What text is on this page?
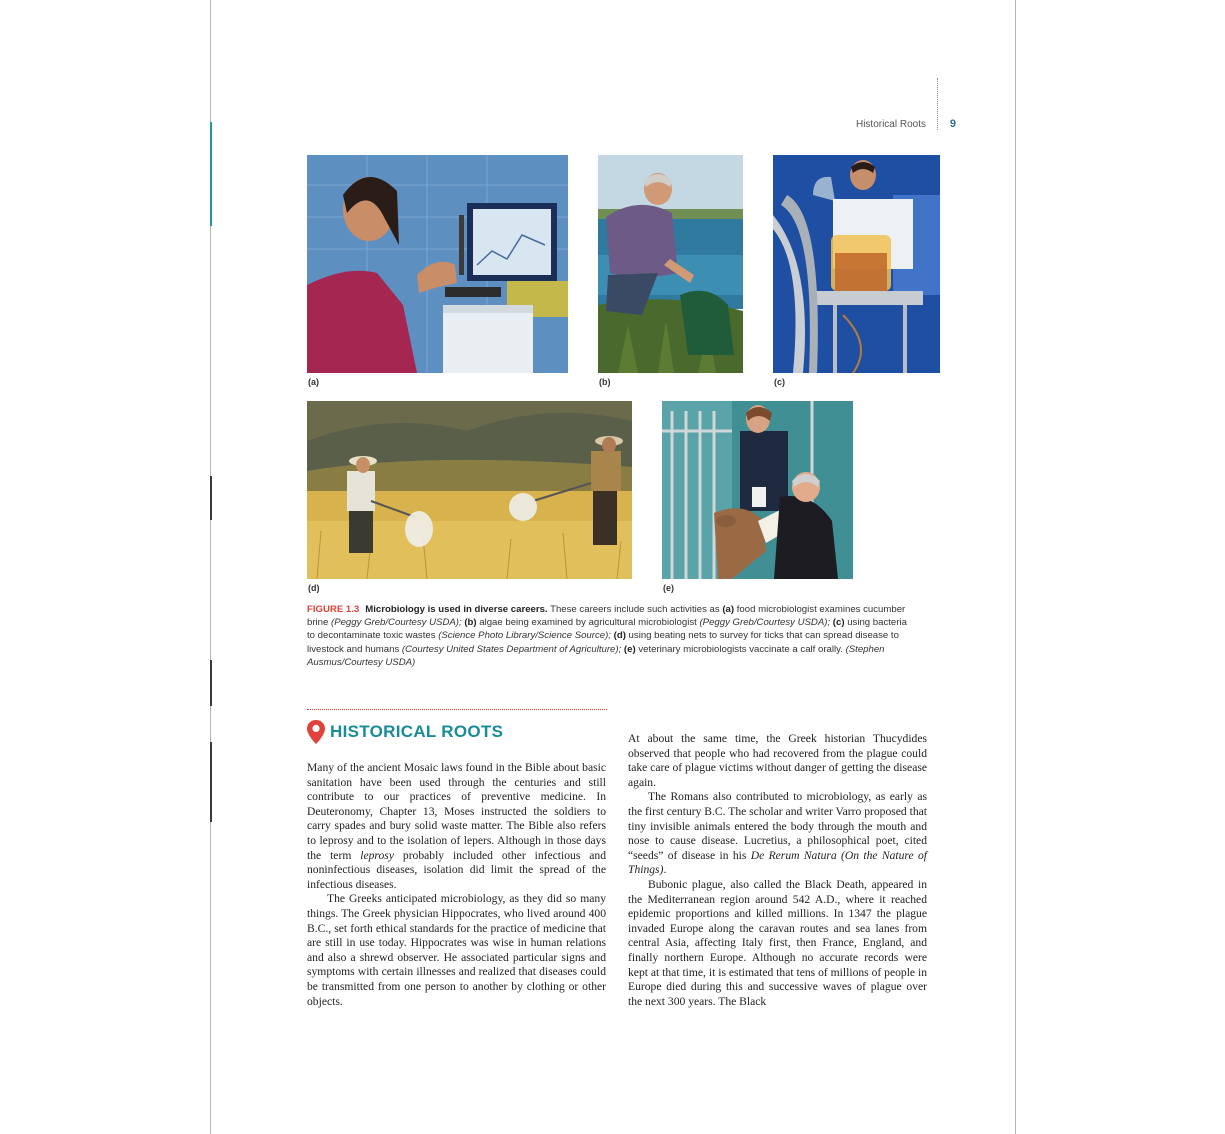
Historical Roots 9
(a)	(b)	(c)
(d)	(e)
FIGURE 1.3 Microbiology is used in diverse careers. These careers include such activities as (a) food microbiologist examines cucumber brine (Peggy Greb/Courtesy USDA); (b) algae being examined by agricultural microbiologist (Peggy Greb/Courtesy USDA); (c) using bacteria to decontaminate toxic wastes (Science Photo Library/Science Source); (d) using beating nets to survey for ticks that can spread disease to livestock and humans (Courtesy United States Department of Agriculture); (e) veterinary microbiologists vaccinate a calf orally. (Stephen Ausmus/Courtesy USDA)
HISTORICAL ROOTS

Many of the ancient Mosaic laws found in the Bible about basic sanitation have been used through the centuries and still contribute to our practices of preventive medicine. In Deuteronomy, Chapter 13, Moses instructed the soldiers to carry spades and bury solid waste matter. The Bible also refers to leprosy and to the isolation of lepers. Although in those days the term leprosy probably included other infectious and noninfectious diseases, isolation did limit the spread of the infectious diseases.

The Greeks anticipated microbiology, as they did so many things. The Greek physician Hippocrates, who lived around 400 B.C., set forth ethical standards for the practice of medicine that are still in use today. Hippocrates was wise in human relations and also a shrewd observer. He associated particular signs and symptoms with certain illnesses and realized that diseases could be transmitted from one person to another by clothing or other objects.

At about the same time, the Greek historian Thucydides observed that people who had recovered from the plague could take care of plague victims without danger of getting the disease again.

The Romans also contributed to microbiology, as early as the first century B.C. The scholar and writer Varro proposed that tiny invisible animals entered the body through the mouth and nose to cause disease. Lucretius, a philosophical poet, cited “seeds” of disease in his De Rerum Natura (On the Nature of Things).

Bubonic plague, also called the Black Death, appeared in the Mediterranean region around 542 A.D., where it reached epidemic proportions and killed millions. In 1347 the plague invaded Europe along the caravan routes and sea lanes from central Asia, affecting Italy first, then France, England, and finally northern Europe. Although no accurate records were kept at that time, it is estimated that tens of millions of people in Europe died during this and successive waves of plague over the next 300 years. The Black
